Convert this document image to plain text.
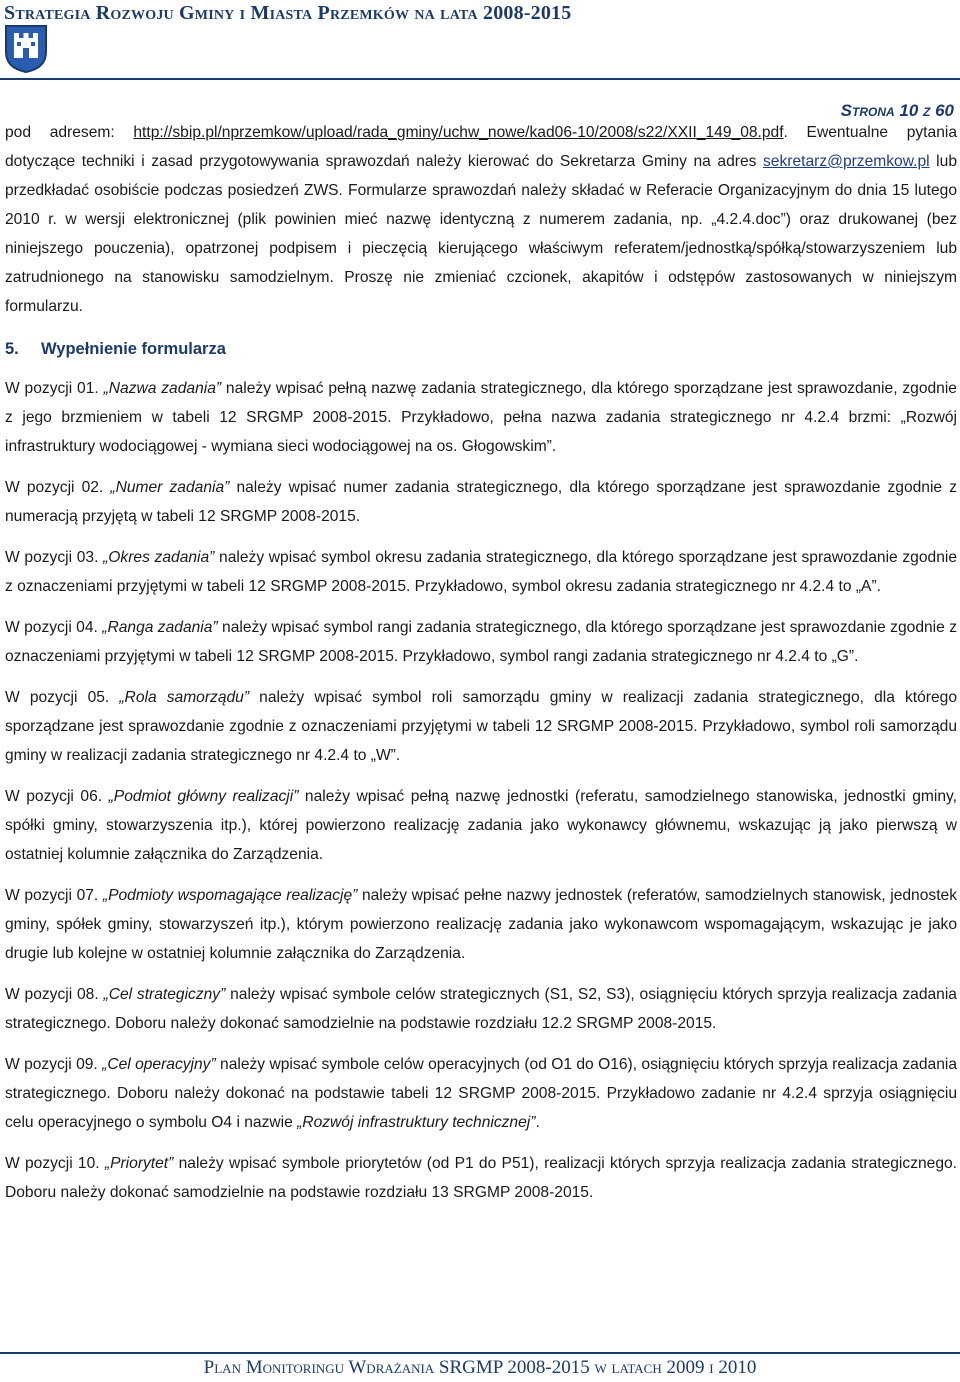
Strategia Rozwoju Gminy i Miasta Przemków na lata 2008-2015
Strona 10 z 60

pod adresem: http://sbip.pl/nprzemkow/upload/rada_gminy/uchw_nowe/kad06-10/2008/s22/XXII_149_08.pdf. Ewentualne pytania dotyczące techniki i zasad przygotowywania sprawozdań należy kierować do Sekretarza Gminy na adres sekretarz@przemkow.pl lub przedkładać osobiście podczas posiedzeń ZWS. Formularze sprawozdań należy składać w Referacie Organizacyjnym do dnia 15 lutego 2010 r. w wersji elektronicznej (plik powinien mieć nazwę identyczną z numerem zadania, np. „4.2.4.doc”) oraz drukowanej (bez niniejszego pouczenia), opatrzonej podpisem i pieczęcią kierującego właściwym referatem/jednostką/spółką/stowarzyszeniem lub zatrudnionego na stanowisku samodzielnym. Proszę nie zmieniać czcionek, akapitów i odstępów zastosowanych w niniejszym formularzu.

5. Wypełnienie formularza

W pozycji 01. „Nazwa zadania” należy wpisać pełną nazwę zadania strategicznego, dla którego sporządzane jest sprawozdanie, zgodnie z jego brzmieniem w tabeli 12 SRGMP 2008-2015. Przykładowo, pełna nazwa zadania strategicznego nr 4.2.4 brzmi: „Rozwój infrastruktury wodociągowej - wymiana sieci wodociągowej na os. Głogowskim”.

W pozycji 02. „Numer zadania” należy wpisać numer zadania strategicznego, dla którego sporządzane jest sprawozdanie zgodnie z numeracją przyjętą w tabeli 12 SRGMP 2008-2015.

W pozycji 03. „Okres zadania” należy wpisać symbol okresu zadania strategicznego, dla którego sporządzane jest sprawozdanie zgodnie z oznaczeniami przyjętymi w tabeli 12 SRGMP 2008-2015. Przykładowo, symbol okresu zadania strategicznego nr 4.2.4 to „A”.

W pozycji 04. „Ranga zadania” należy wpisać symbol rangi zadania strategicznego, dla którego sporządzane jest sprawozdanie zgodnie z oznaczeniami przyjętymi w tabeli 12 SRGMP 2008-2015. Przykładowo, symbol rangi zadania strategicznego nr 4.2.4 to „G”.

W pozycji 05. „Rola samorządu” należy wpisać symbol roli samorządu gminy w realizacji zadania strategicznego, dla którego sporządzane jest sprawozdanie zgodnie z oznaczeniami przyjętymi w tabeli 12 SRGMP 2008-2015. Przykładowo, symbol roli samorządu gminy w realizacji zadania strategicznego nr 4.2.4 to „W”.

W pozycji 06. „Podmiot główny realizacji” należy wpisać pełną nazwę jednostki (referatu, samodzielnego stanowiska, jednostki gminy, spółki gminy, stowarzyszenia itp.), której powierzono realizację zadania jako wykonawcy głównemu, wskazując ją jako pierwszą w ostatniej kolumnie załącznika do Zarządzenia.

W pozycji 07. „Podmioty wspomagające realizację” należy wpisać pełne nazwy jednostek (referatów, samodzielnych stanowisk, jednostek gminy, spółek gminy, stowarzyszeń itp.), którym powierzono realizację zadania jako wykonawcom wspomagającym, wskazując je jako drugie lub kolejne w ostatniej kolumnie załącznika do Zarządzenia.

W pozycji 08. „Cel strategiczny” należy wpisać symbole celów strategicznych (S1, S2, S3), osiągnięciu których sprzyja realizacja zadania strategicznego. Doboru należy dokonać samodzielnie na podstawie rozdziału 12.2 SRGMP 2008-2015.

W pozycji 09. „Cel operacyjny” należy wpisać symbole celów operacyjnych (od O1 do O16), osiągnięciu których sprzyja realizacja zadania strategicznego. Doboru należy dokonać na podstawie tabeli 12 SRGMP 2008-2015. Przykładowo zadanie nr 4.2.4 sprzyja osiągnięciu celu operacyjnego o symbolu O4 i nazwie „Rozwój infrastruktury technicznej”.

W pozycji 10. „Priorytet” należy wpisać symbole priorytetów (od P1 do P51), realizacji których sprzyja realizacja zadania strategicznego. Doboru należy dokonać samodzielnie na podstawie rozdziału 13 SRGMP 2008-2015.

Plan Monitoringu Wdrażania SRGMP 2008-2015 w latach 2009 i 2010
